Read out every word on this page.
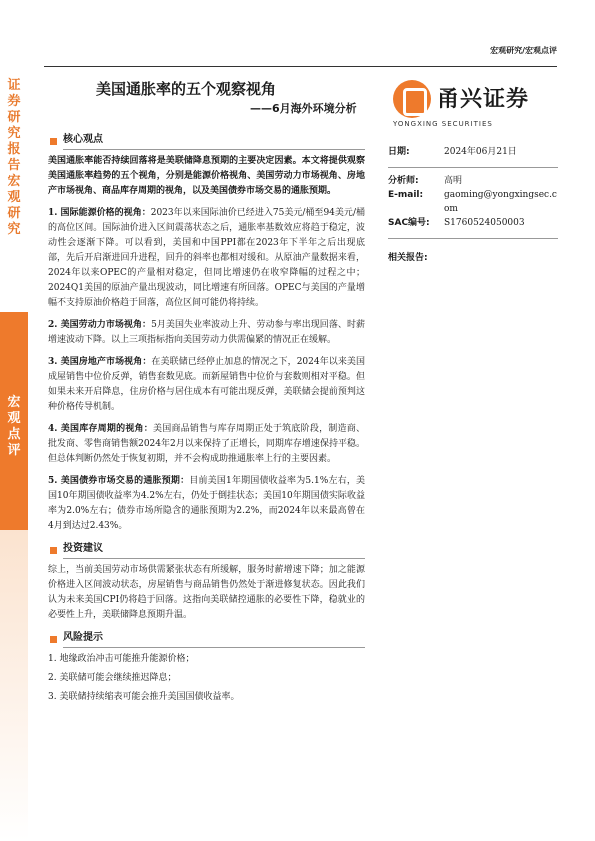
证券研究报告 宏观研究
宏观点评
宏观研究/宏观点评
美国通胀率的五个观察视角
——6月海外环境分析	甬兴证券
YONGXING SECURITIES
核心观点

美国通胀率能否持续回落将是美联储降息预期的主要决定因素。本文将提供观察美国通胀率趋势的五个视角，分别是能源价格视角、美国劳动力市场视角、房地产市场视角、商品库存周期的视角，以及美国债券市场交易的通胀预期。

1. 国际能源价格的视角：2023年以来国际油价已经进入75美元/桶至94美元/桶的高位区间。国际油价进入区间震荡状态之后，通胀率基数效应将趋于稳定，波动性会逐渐下降。可以看到，美国和中国PPI都在2023年下半年之后出现底部，先后开启渐进回升进程，回升的斜率也都相对缓和。从原油产量数据来看，2024年以来OPEC的产量相对稳定，但同比增速仍在收窄降幅的过程之中；2024Q1美国的原油产量出现波动，同比增速有所回落。OPEC与美国的产量增幅不支持原油价格趋于回落，高位区间可能仍将持续。

2. 美国劳动力市场视角：5月美国失业率波动上升、劳动参与率出现回落、时薪增速波动下降。以上三项指标指向美国劳动力供需偏紧的情况正在缓解。

3. 美国房地产市场视角：在美联储已经停止加息的情况之下，2024年以来美国成屋销售中位价反弹，销售套数见底。而新屋销售中位价与套数则相对平稳。但如果未来开启降息，住房价格与居住成本有可能出现反弹，美联储会提前预判这种价格传导机制。

4. 美国库存周期的视角：美国商品销售与库存周期正处于筑底阶段，制造商、批发商、零售商销售额2024年2月以来保持了正增长，同期库存增速保持平稳。但总体判断仍然处于恢复初期，并不会构成助推通胀率上行的主要因素。

5. 美国债券市场交易的通胀预期：目前美国1年期国债收益率为5.1%左右，美国10年期国债收益率为4.2%左右，仍处于倒挂状态；美国10年期国债实际收益率为2.0%左右；债券市场所隐含的通胀预期为2.2%，而2024年以来最高曾在4月到达过2.43%。

投资建议

综上，当前美国劳动市场供需紧张状态有所缓解，服务时薪增速下降；加之能源价格进入区间波动状态，房屋销售与商品销售仍然处于渐进修复状态。因此我们认为未来美国CPI仍将趋于回落。这指向美联储控通胀的必要性下降，稳就业的必要性上升，美联储降息预期升温。

风险提示
1. 地缘政治冲击可能推升能源价格；
2. 美联储可能会继续推迟降息；
3. 美联储持续缩表可能会推升美国国债收益率。
日期:	2024年06月21日
分析师:	高明
E-mail:	gaoming@yongxingsec.com
SAC编号:	S1760524050003
相关报告:
